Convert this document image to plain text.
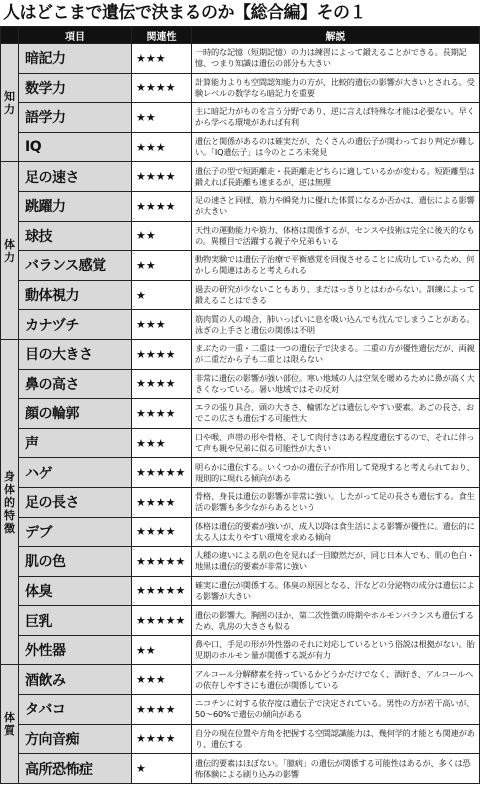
人はどこまで遺伝で決まるのか【総合編】その１
	項目	関連性	解説
知力	暗記力	★★★	一時的な記憶（短期記憶）の力は練習によって鍛えることができる。長期記憶、つまり知識は遺伝の部分も大きい
	数学力	★★★★	計算能力よりも空間認知能力の方が、比較的遺伝の影響が大きいとされる。受験レベルの数学なら暗記力を重要
	語学力	★★	主に暗記力がものを言う分野であり、逆に言えば特殊な才能は必要ない。早くから学べる環境があれば有利
	IQ	★★★	遺伝と関係があるのは確実だが、たくさんの遺伝子が関わっており判定が難しい。「IQ遺伝子」は今のところ未発見
体力	足の速さ	★★★★	遺伝子の型で短距離走・長距離走どちらに適しているかが変わる。短距離型は鍛えれば長距離も速まるが、逆は無理
	跳躍力	★★★★	足の速さと同様、筋力や瞬発力に優れた体質になるか否かは、遺伝による影響が大きい
	球技	★★	天性の運動能力や筋力、体格は関係するが、センスや技術は完全に後天的なもの。異種目で活躍する親子や兄弟もいる
	バランス感覚	★★	動物実験では遺伝子治療で平衡感覚を回復させることに成功しているため、何かしら関連はあると考えられる
	動体視力	★	過去の研究が少ないこともあり、まだはっきりとはわからない。訓練によって鍛えることはできる
	カナヅチ	★★★	筋肉質の人の場合、肺いっぱいに息を吸い込んでも沈んでしまうことがある。泳ぎの上手さと遺伝の関係は不明
身体的特徴	目の大きさ	★★★★	まぶたの一重・二重は一つの遺伝子で決まる。二重の方が優性遺伝だが、両親が二重だから子も二重とは限らない
	鼻の高さ	★★★★	非常に遺伝の影響が強い部位。寒い地域の人は空気を暖めるために鼻が高く大きくなっている。暑い地域ではその反対
	顔の輪郭	★★★★	エラの張り具合、頭の大きさ、輪郭などは遺伝しやすい要素。あごの長さ、おでこの広さも遺伝する可能性大
	声	★★★	口や喉、声帯の形や骨格、そして肉付きはある程度遺伝するので、それに伴って声も親や兄弟に似る可能性が大きい
	ハゲ	★★★★★	明らかに遺伝する。いくつかの遺伝子が作用して発現すると考えられており、規則的に現れる傾向がある
	足の長さ	★★★★	骨格、身長は遺伝の影響が非常に強い。したがって足の長さも遺伝する。食生活の影響も多少ながらあるという
	デブ	★★★★	体格は遺伝的要素が強いが、成人以降は食生活による影響が優性に。遺伝的に太る人は太りやすい環境を求める傾向
	肌の色	★★★★★	人種の違いによる肌の色を見れば一目瞭然だが、同じ日本人でも、肌の色白・地黒は遺伝的要素が非常に強い
	体臭	★★★★★	確実に遺伝が関係する。体臭の原因となる、汗などの分泌物の成分は遺伝による影響が大きい
	巨乳	★★★★★	遺伝の影響大。胸囲のほか、第二次性徴の時期やホルモンバランスも遺伝するため、乳房の大きさも似る
	外性器	★★	鼻や口、手足の形が外性器のそれに対応しているという俗説は根拠がない。胎児期のホルモン量が関係する説が有力
体質	酒飲み	★★★	アルコール分解酵素を持っているかどうかだけでなく、酒好き、アルコールへの依存しやすさにも遺伝が関係している
	タバコ	★★★★	ニコチンに対する依存度は遺伝子で決定されている。男性の方が若干高いが、50〜60%で遺伝の傾向がある
	方向音痴	★★★★	自分の現在位置や方角を把握する空間認識能力は、幾何学的才能とも関連があり、遺伝する
	高所恐怖症	★	遺伝的要素はほぼない。「臆病」の遺伝が関係する可能性はあるが、多くは恐怖体験による刷り込みの影響
